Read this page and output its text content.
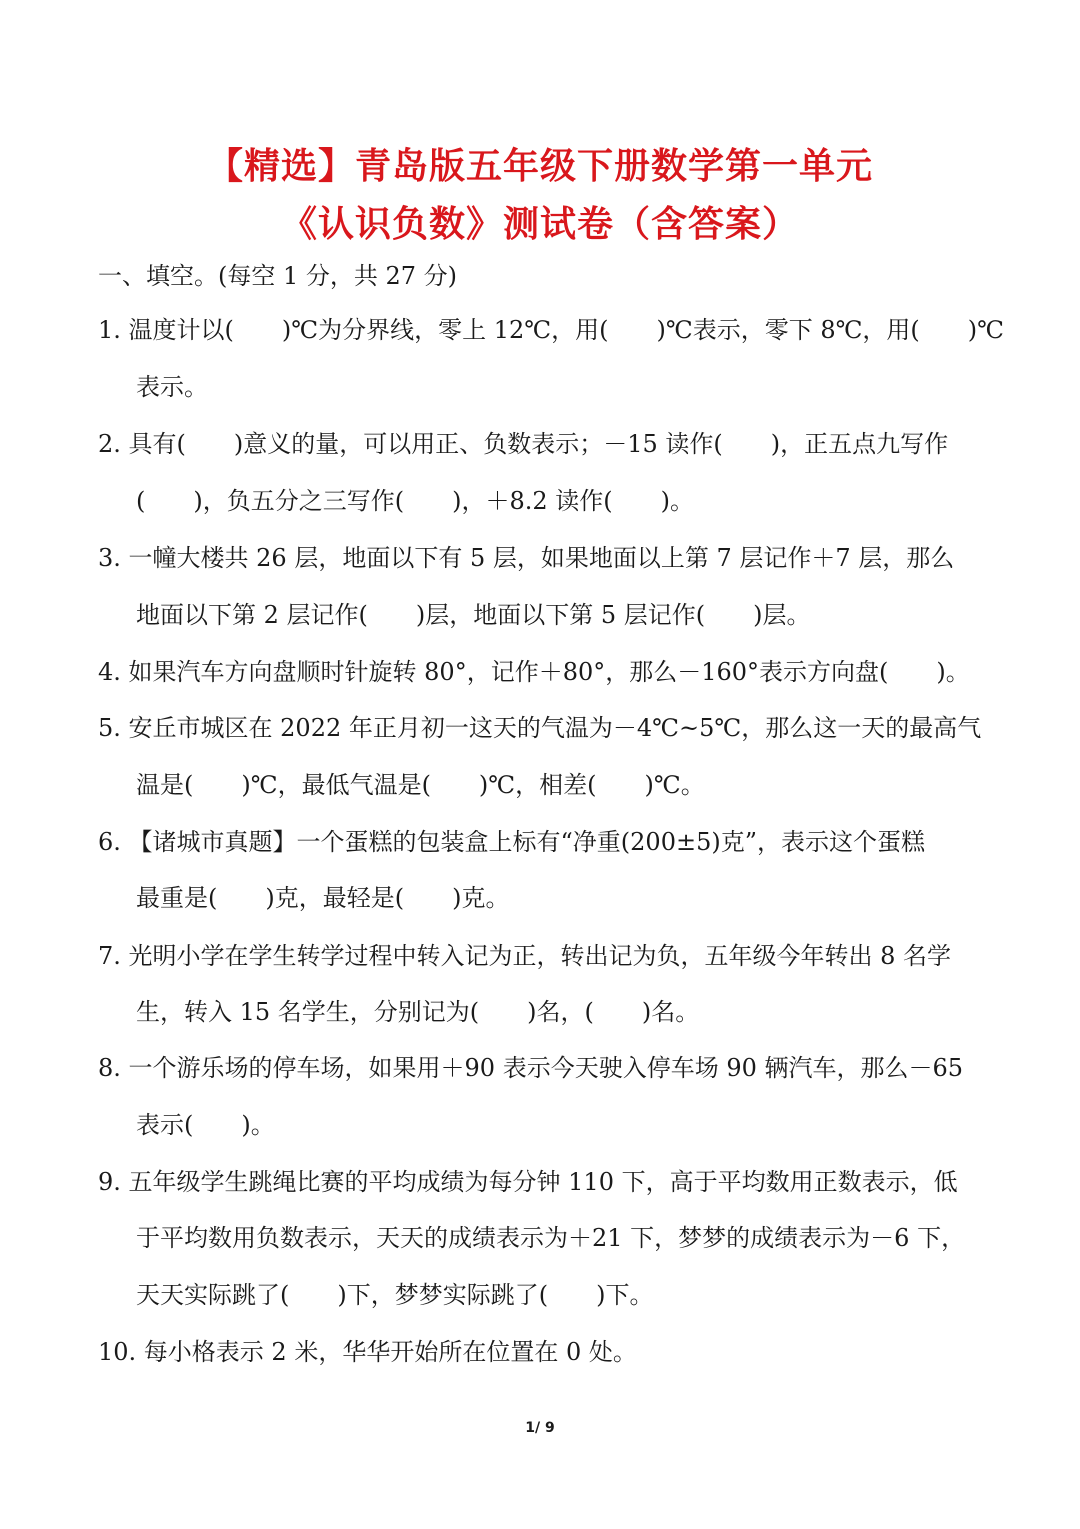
【精选】青岛版五年级下册数学第一单元
《认识负数》测试卷（含答案）
一、填空。(每空 1 分，共 27 分)
1. 温度计以(　　)℃为分界线，零上 12℃，用(　　)℃表示，零下 8℃，用(　　)℃
表示。
2. 具有(　　)意义的量，可以用正、负数表示；－15 读作(　　)，正五点九写作
(　　)，负五分之三写作(　　)，＋8.2 读作(　　)。
3. 一幢大楼共 26 层，地面以下有 5 层，如果地面以上第 7 层记作＋7 层，那么
地面以下第 2 层记作(　　)层，地面以下第 5 层记作(　　)层。
4. 如果汽车方向盘顺时针旋转 80°，记作＋80°，那么－160°表示方向盘(　　)。
5. 安丘市城区在 2022 年正月初一这天的气温为－4℃~5℃，那么这一天的最高气
温是(　　)℃，最低气温是(　　)℃，相差(　　)℃。
6. 【诸城市真题】一个蛋糕的包装盒上标有“净重(200±5)克”，表示这个蛋糕
最重是(　　)克，最轻是(　　)克。
7. 光明小学在学生转学过程中转入记为正，转出记为负，五年级今年转出 8 名学
生，转入 15 名学生，分别记为(　　)名，(　　)名。
8. 一个游乐场的停车场，如果用＋90 表示今天驶入停车场 90 辆汽车，那么－65
表示(　　)。
9. 五年级学生跳绳比赛的平均成绩为每分钟 110 下，高于平均数用正数表示，低
于平均数用负数表示，天天的成绩表示为＋21 下，梦梦的成绩表示为－6 下，
天天实际跳了(　　)下，梦梦实际跳了(　　)下。
10. 每小格表示 2 米，华华开始所在位置在 0 处。
1/ 9
